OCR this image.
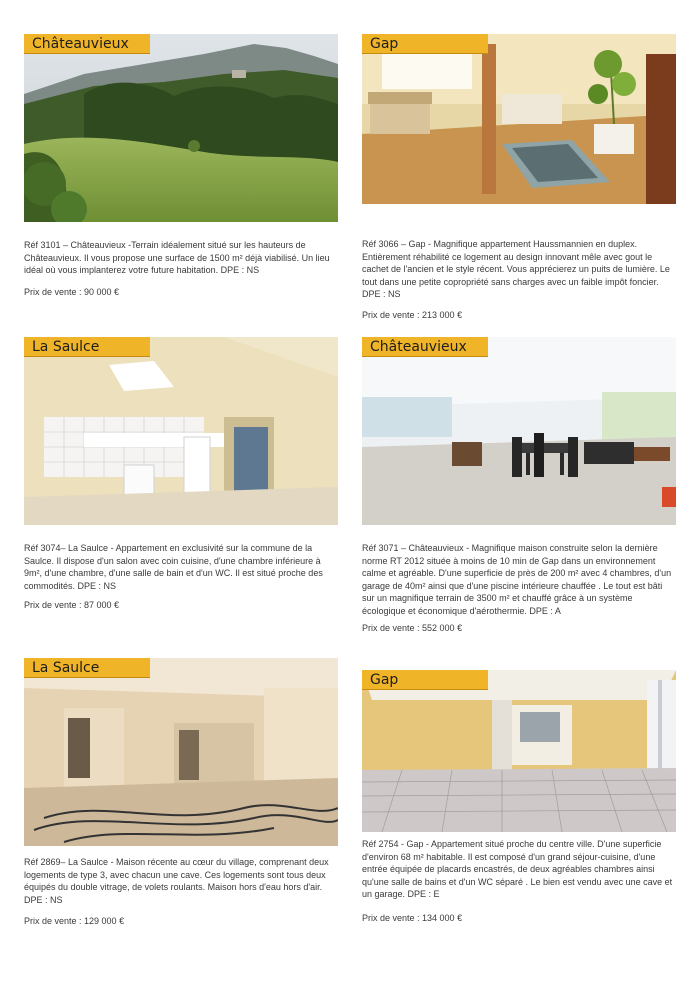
Châteauvieux

Réf 3101 – Châteauvieux -Terrain idéalement situé sur les hauteurs de Châteauvieux. Il vous propose une surface de 1500 m² déjà viabilisé. Un lieu idéal où vous implanterez votre future habitation. DPE : NS

Prix de vente : 90 000 €
Gap

Réf 3066 – Gap - Magnifique appartement Haussmannien en duplex. Entièrement réhabilité ce logement au design innovant mêle avec gout le cachet de l'ancien et le style récent. Vous apprécierez un puits de lumière. Le tout dans une petite copropriété sans charges avec un faible impôt foncier. DPE : NS

Prix de vente : 213 000 €
La Saulce

Réf 3074– La Saulce - Appartement en exclusivité sur la commune de la Saulce. Il dispose d'un salon avec coin cuisine, d'une chambre inférieure à 9m², d'une chambre, d'une salle de bain et d'un WC. Il est situé proche des commodités. DPE : NS

Prix de vente : 87 000 €
Châteauvieux

Réf 3071 – Châteauvieux - Magnifique maison construite selon la dernière norme RT 2012 située à moins de 10 min de Gap dans un environnement calme et agréable. D'une superficie de près de 200 m² avec 4 chambres, d'un garage de 40m² ainsi que d'une piscine intérieure chauffée . Le tout est bâti sur un magnifique terrain de 3500 m² et chauffé grâce à un système écologique et économique d'aérothermie. DPE : A

Prix de vente : 552 000 €
La Saulce

Réf 2869– La Saulce - Maison récente au cœur du village, comprenant deux logements de type 3, avec chacun une cave. Ces logements sont tous deux équipés du double vitrage, de volets roulants. Maison hors d'eau hors d'air. DPE : NS

Prix de vente : 129 000 €
Gap

Réf 2754 - Gap - Appartement situé proche du centre ville. D'une superficie d'environ 68 m² habitable. Il est composé d'un grand séjour-cuisine, d'une entrée équipée de placards encastrés, de deux agréables chambres ainsi qu'une salle de bains et d'un WC séparé . Le bien est vendu avec une cave et un garage. DPE : E

Prix de vente : 134 000 €
